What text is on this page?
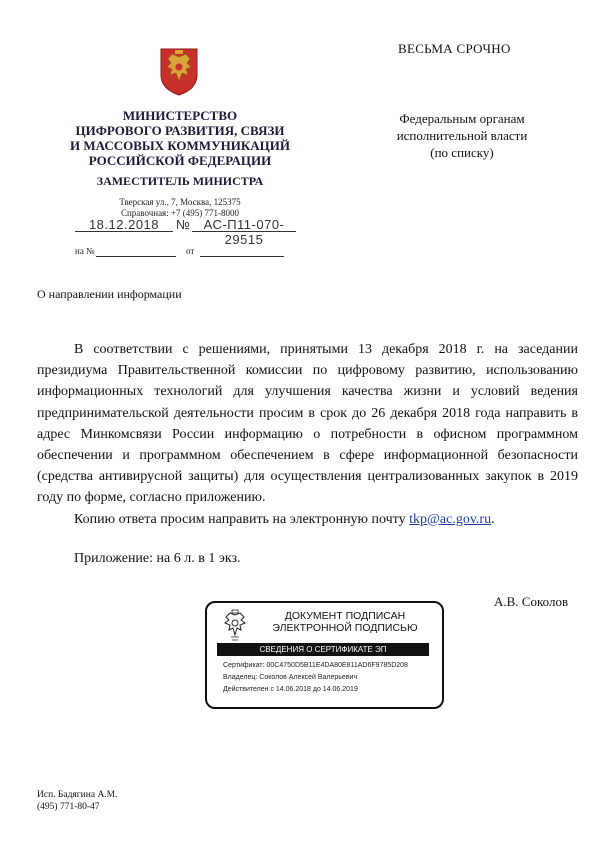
МИНИСТЕРСТВО
ЦИФРОВОГО РАЗВИТИЯ, СВЯЗИ
И МАССОВЫХ КОММУНИКАЦИЙ
РОССИЙСКОЙ ФЕДЕРАЦИИ
ЗАМЕСТИТЕЛЬ МИНИСТРА
Тверская ул., 7, Москва, 125375
Справочная: +7 (495) 771-8000
18.12.2018	№	АС-П11-070-29515
на №	от
ВЕСЬМА СРОЧНО
Федеральным органам
исполнительной власти
(по списку)
О направлении информации

В соответствии с решениями, принятыми 13 декабря 2018 г. на заседании президиума Правительственной комиссии по цифровому развитию, использованию информационных технологий для улучшения качества жизни и условий ведения предпринимательской деятельности просим в срок до 26 декабря 2018 года направить в адрес Минкомсвязи России информацию о потребности в офисном программном обеспечении и программном обеспечением в сфере информационной безопасности (средства антивирусной защиты) для осуществления централизованных закупок в 2019 году по форме, согласно приложению.

Копию ответа просим направить на электронную почту tkp@ac.gov.ru.

Приложение: на 6 л. в 1 экз.

А.В. Соколов
ДОКУМЕНТ ПОДПИСАН
ЭЛЕКТРОННОЙ ПОДПИСЬЮ
СВЕДЕНИЯ О СЕРТИФИКАТЕ ЭП
Сертификат: 00C4750D5B11E4DA80E811AD6F9785D208
Владелец: Соколов Алексей Валерьевич
Действителен с 14.06.2018 до 14.06.2019
Исп. Бадягина А.М.
(495) 771-80-47
